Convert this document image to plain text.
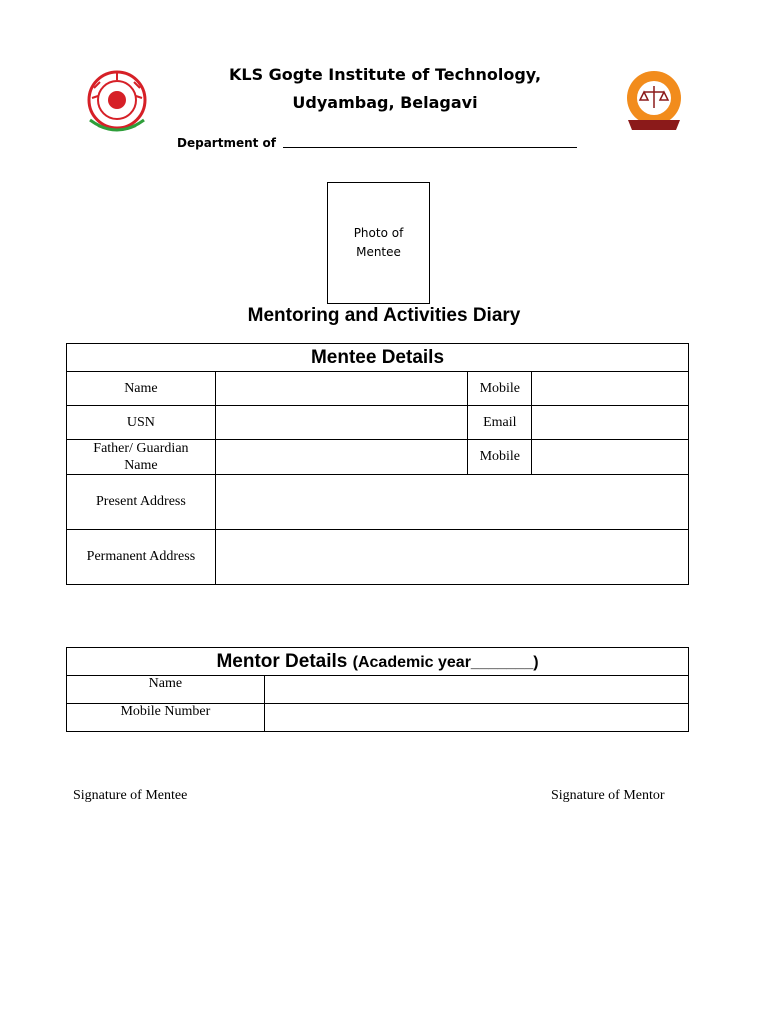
KLS Gogte Institute of Technology,
Udyambag, Belagavi
Department of
Photo of
Mentee
Mentoring and Activities Diary
Mentee Details			
Name		Mobile	
USN		Email	
Father/ Guardian
Name		Mobile	
Present Address			
Permanent Address			
Mentor Details (Academic year_______)	
Name	
Mobile Number	
Signature of Mentee	Signature of Mentor
